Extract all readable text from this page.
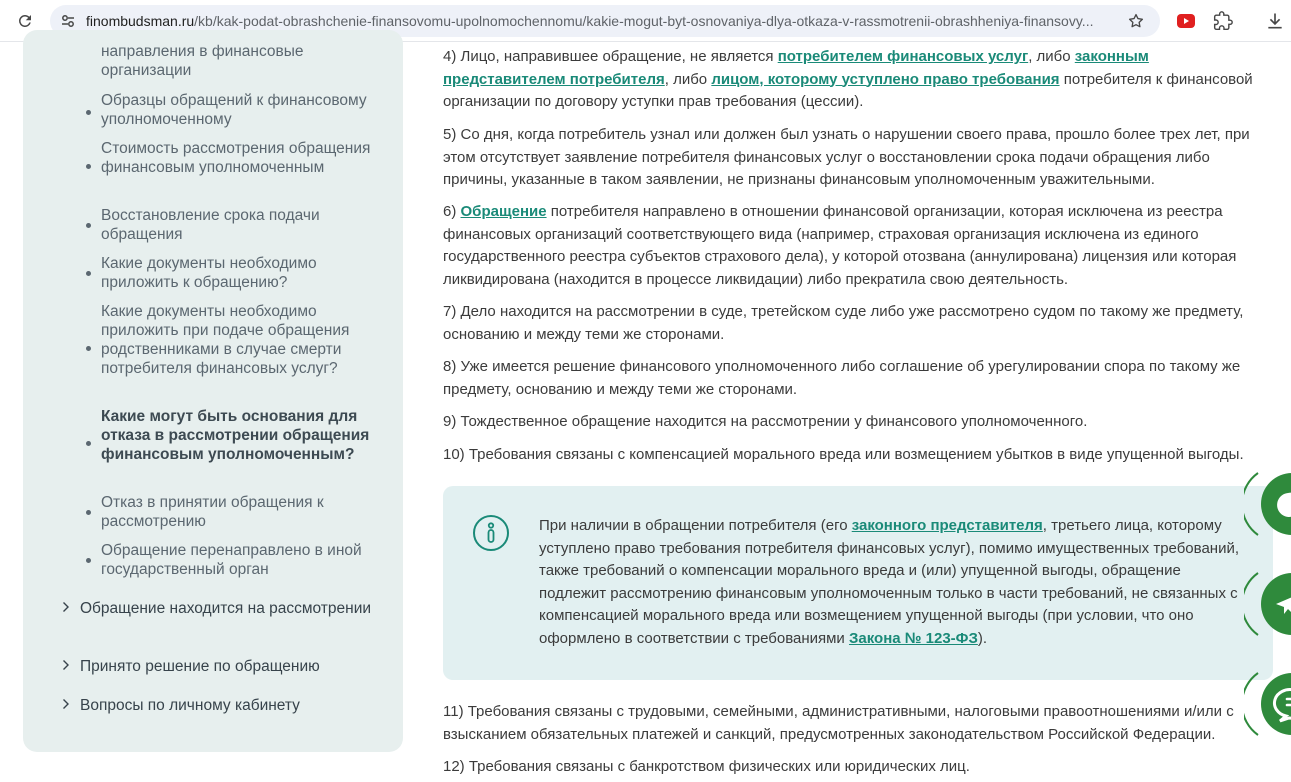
finombudsman.ru/kb/kak-podat-obrashchenie-finansovomu-upolnomochennomu/kakie-mogut-byt-osnovaniya-dlya-otkaza-v-rassmotrenii-obrashheniya-finansovy...
направления в финансовые организации
Образцы обращений к финансовому уполномоченному
Стоимость рассмотрения обращения финансовым уполномоченным
Восстановление срока подачи обращения
Какие документы необходимо приложить к обращению?
Какие документы необходимо приложить при подаче обращения родственниками в случае смерти потребителя финансовых услуг?
Какие могут быть основания для отказа в рассмотрении обращения финансовым уполномоченным?
Отказ в принятии обращения к рассмотрению
Обращение перенаправлено в иной государственный орган
Обращение находится на рассмотрении
Принято решение по обращению
Вопросы по личному кабинету
4) Лицо, направившее обращение, не является потребителем финансовых услуг, либо законным представителем потребителя, либо лицом, которому уступлено право требования потребителя к финансовой организации по договору уступки прав требования (цессии).
5) Со дня, когда потребитель узнал или должен был узнать о нарушении своего права, прошло более трех лет, при этом отсутствует заявление потребителя финансовых услуг о восстановлении срока подачи обращения либо причины, указанные в таком заявлении, не признаны финансовым уполномоченным уважительными.
6) Обращение потребителя направлено в отношении финансовой организации, которая исключена из реестра финансовых организаций соответствующего вида (например, страховая организация исключена из единого государственного реестра субъектов страхового дела), у которой отозвана (аннулирована) лицензия или которая ликвидирована (находится в процессе ликвидации) либо прекратила свою деятельность.
7) Дело находится на рассмотрении в суде, третейском суде либо уже рассмотрено судом по такому же предмету, основанию и между теми же сторонами.
8) Уже имеется решение финансового уполномоченного либо соглашение об урегулировании спора по такому же предмету, основанию и между теми же сторонами.
9) Тождественное обращение находится на рассмотрении у финансового уполномоченного.
10) Требования связаны с компенсацией морального вреда или возмещением убытков в виде упущенной выгоды.
При наличии в обращении потребителя (его законного представителя, третьего лица, которому уступлено право требования потребителя финансовых услуг), помимо имущественных требований, также требований о компенсации морального вреда и (или) упущенной выгоды, обращение подлежит рассмотрению финансовым уполномоченным только в части требований, не связанных с компенсацией морального вреда или возмещением упущенной выгоды (при условии, что оно оформлено в соответствии с требованиями Закона № 123-ФЗ).
11) Требования связаны с трудовыми, семейными, административными, налоговыми правоотношениями и/или с взысканием обязательных платежей и санкций, предусмотренных законодательством Российской Федерации.
12) Требования связаны с банкротством физических или юридических лиц.
